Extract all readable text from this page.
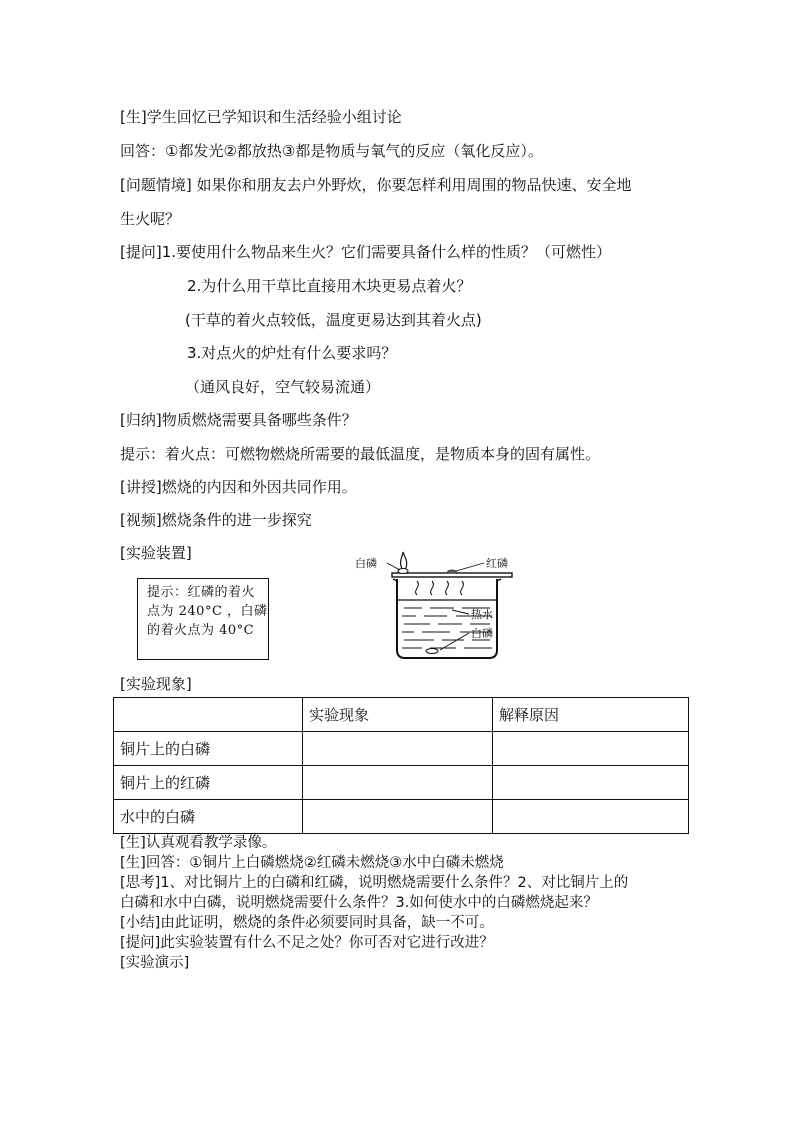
[生]学生回忆已学知识和生活经验小组讨论
回答：①都发光②都放热③都是物质与氧气的反应（氧化反应）。
[问题情境] 如果你和朋友去户外野炊，你要怎样利用周围的物品快速、安全地
生火呢？
[提问]1.要使用什么物品来生火？它们需要具备什么样的性质？（可燃性）
2.为什么用干草比直接用木块更易点着火？
(干草的着火点较低，温度更易达到其着火点)
3.对点火的炉灶有什么要求吗？
（通风良好，空气较易流通）
[归纳]物质燃烧需要具备哪些条件？
提示：着火点：可燃物燃烧所需要的最低温度，是物质本身的固有属性。
[讲授]燃烧的内因和外因共同作用。
[视频]燃烧条件的进一步探究
[实验装置]
提示：红磷的着火
点为 240°C ，白磷
的着火点为 40°C
白磷	红磷
热水
白磷
[实验现象]
	实验现象	解释原因
铜片上的白磷		
铜片上的红磷		
水中的白磷		
[生]认真观看教学录像。
[生]回答：①铜片上白磷燃烧②红磷未燃烧③水中白磷未燃烧
[思考]1、对比铜片上的白磷和红磷，说明燃烧需要什么条件？2、对比铜片上的
白磷和水中白磷，说明燃烧需要什么条件？3.如何使水中的白磷燃烧起来？
[小结]由此证明，燃烧的条件必须要同时具备，缺一不可。
[提问]此实验装置有什么不足之处？你可否对它进行改进？
[实验演示]
